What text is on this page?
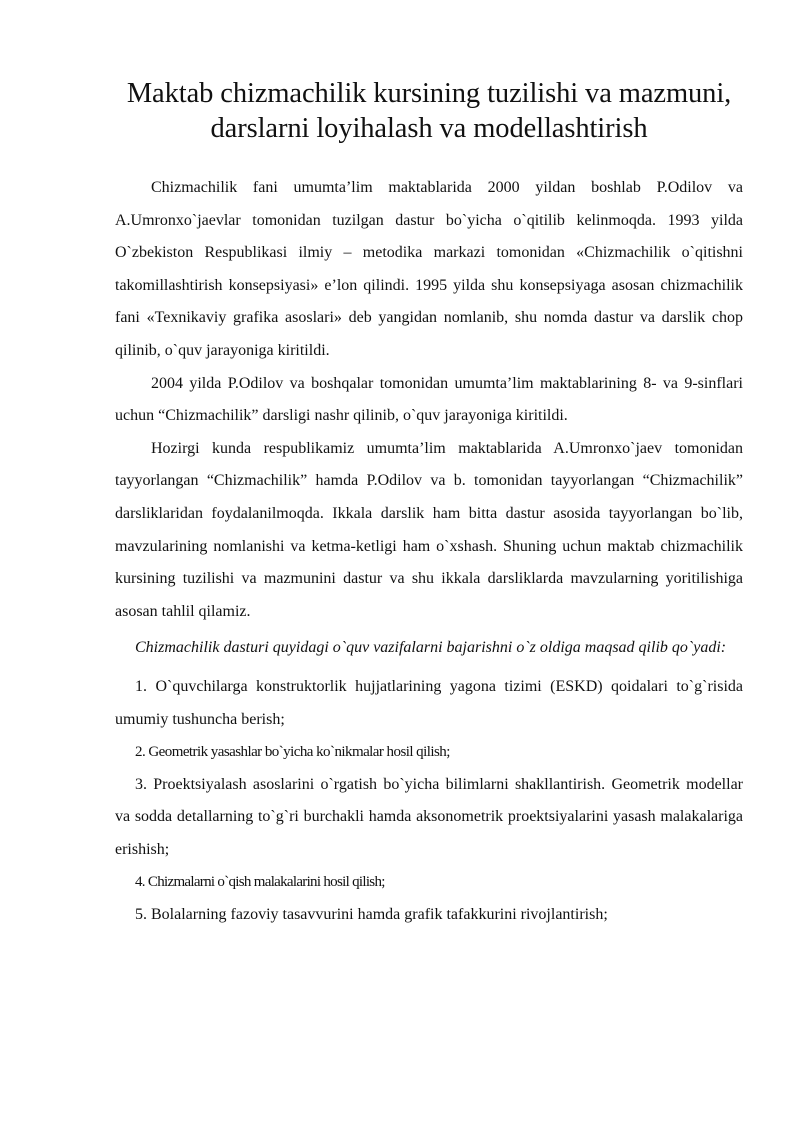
Maktab chizmachilik kursining tuzilishi va mazmuni, darslarni loyihalash va modellashtirish

Chizmachilik fani umumta’lim maktablarida 2000 yildan boshlab P.Odilov va A.Umronxo`jaevlar tomonidan tuzilgan dastur bo`yicha o`qitilib kelinmoqda. 1993 yilda O`zbekiston Respublikasi ilmiy – metodika markazi tomonidan «Chizmachilik o`qitishni takomillashtirish konsepsiyasi» e’lon qilindi. 1995 yilda shu konsepsiyaga asosan chizmachilik fani «Texnikaviy grafika asoslari» deb yangidan nomlanib, shu nomda dastur va darslik chop qilinib, o`quv jarayoniga kiritildi.

2004 yilda P.Odilov va boshqalar tomonidan umumta’lim maktablarining 8- va 9-sinflari uchun “Chizmachilik” darsligi nashr qilinib, o`quv jarayoniga kiritildi.

Hozirgi kunda respublikamiz umumta’lim maktablarida A.Umronxo`jaev tomonidan tayyorlangan “Chizmachilik” hamda P.Odilov va b. tomonidan tayyorlangan “Chizmachilik” darsliklaridan foydalanilmoqda. Ikkala darslik ham bitta dastur asosida tayyorlangan bo`lib, mavzularining nomlanishi va ketma-ketligi ham o`xshash. Shuning uchun maktab chizmachilik kursining tuzilishi va mazmunini dastur va shu ikkala darsliklarda mavzularning yoritilishiga asosan tahlil qilamiz.

Chizmachilik dasturi quyidagi o`quv vazifalarni bajarishni o`z oldiga maqsad qilib qo`yadi:

1. O`quvchilarga konstruktorlik hujjatlarining yagona tizimi (ESKD) qoidalari to`g`risida umumiy tushuncha berish;
2. Geometrik yasashlar bo`yicha ko`nikmalar hosil qilish;
3. Proektsiyalash asoslarini o`rgatish bo`yicha bilimlarni shakllantirish. Geometrik modellar va sodda detallarning to`g`ri burchakli hamda aksonometrik proektsiyalarini yasash malakalariga erishish;
4. Chizmalarni o`qish malakalarini hosil qilish;
5. Bolalarning fazoviy tasavvurini hamda grafik tafakkurini rivojlantirish;
